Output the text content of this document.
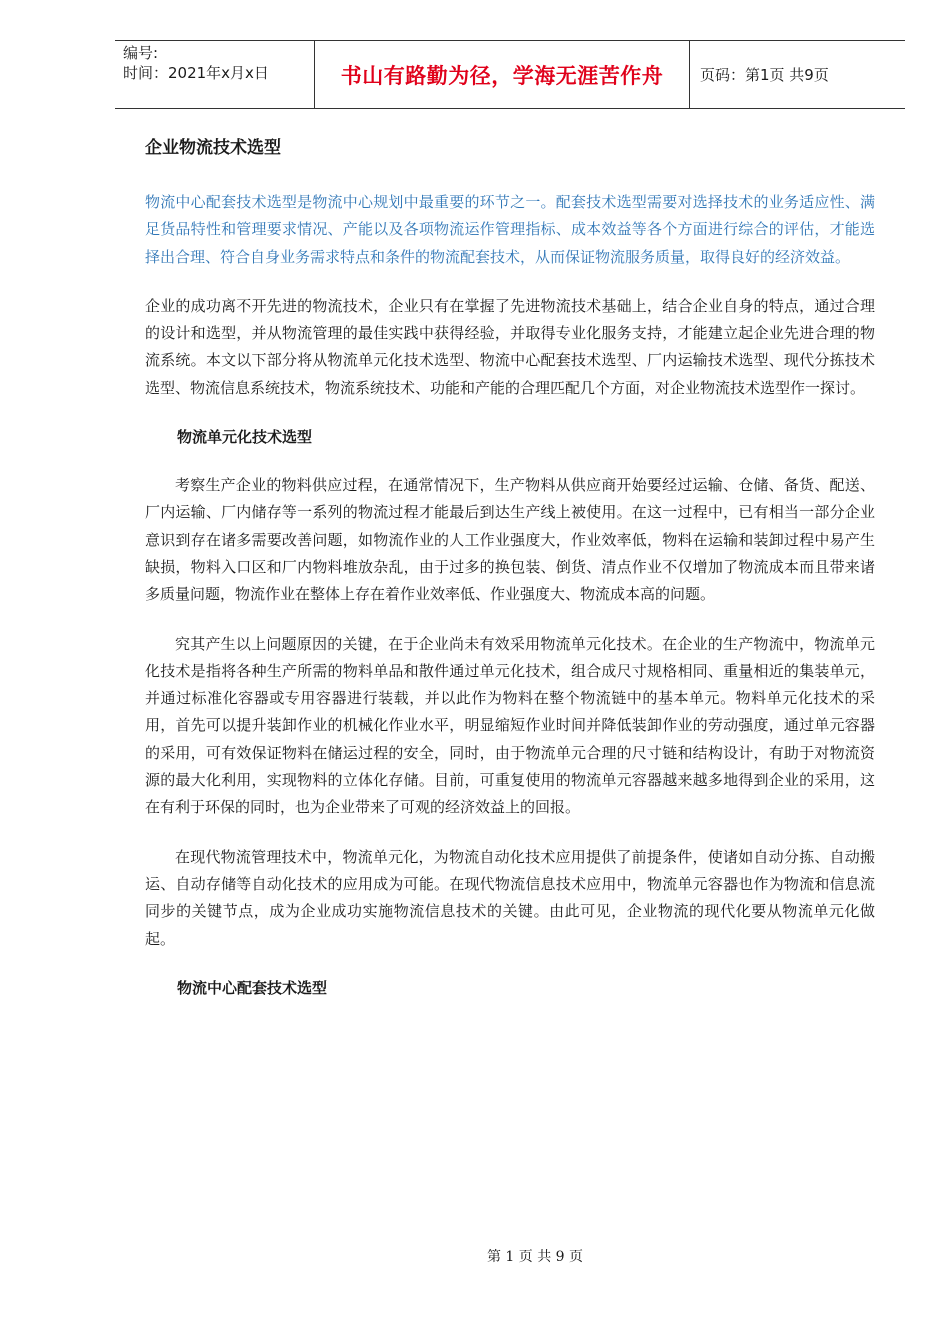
编号:
时间：2021年x月x日	书山有路勤为径，学海无涯苦作舟 页码：第1页 共9页
企业物流技术选型

物流中心配套技术选型是物流中心规划中最重要的环节之一。配套技术选型需要对选择技术的业务适应性、满足货品特性和管理要求情况、产能以及各项物流运作管理指标、成本效益等各个方面进行综合的评估，才能选择出合理、符合自身业务需求特点和条件的物流配套技术，从而保证物流服务质量，取得良好的经济效益。

企业的成功离不开先进的物流技术，企业只有在掌握了先进物流技术基础上，结合企业自身的特点，通过合理的设计和选型，并从物流管理的最佳实践中获得经验，并取得专业化服务支持，才能建立起企业先进合理的物流系统。本文以下部分将从物流单元化技术选型、物流中心配套技术选型、厂内运输技术选型、现代分拣技术选型、物流信息系统技术，物流系统技术、功能和产能的合理匹配几个方面，对企业物流技术选型作一探讨。

物流单元化技术选型

考察生产企业的物料供应过程，在通常情况下，生产物料从供应商开始要经过运输、仓储、备货、配送、厂内运输、厂内储存等一系列的物流过程才能最后到达生产线上被使用。在这一过程中，已有相当一部分企业意识到存在诸多需要改善问题，如物流作业的人工作业强度大，作业效率低，物料在运输和装卸过程中易产生缺损，物料入口区和厂内物料堆放杂乱，由于过多的换包装、倒货、清点作业不仅增加了物流成本而且带来诸多质量问题，物流作业在整体上存在着作业效率低、作业强度大、物流成本高的问题。

究其产生以上问题原因的关键，在于企业尚未有效采用物流单元化技术。在企业的生产物流中，物流单元化技术是指将各种生产所需的物料单品和散件通过单元化技术，组合成尺寸规格相同、重量相近的集装单元，并通过标准化容器或专用容器进行装载，并以此作为物料在整个物流链中的基本单元。物料单元化技术的采用，首先可以提升装卸作业的机械化作业水平，明显缩短作业时间并降低装卸作业的劳动强度，通过单元容器的采用，可有效保证物料在储运过程的安全，同时，由于物流单元合理的尺寸链和结构设计，有助于对物流资源的最大化利用，实现物料的立体化存储。目前，可重复使用的物流单元容器越来越多地得到企业的采用，这在有利于环保的同时，也为企业带来了可观的经济效益上的回报。

在现代物流管理技术中，物流单元化，为物流自动化技术应用提供了前提条件，使诸如自动分拣、自动搬运、自动存储等自动化技术的应用成为可能。在现代物流信息技术应用中，物流单元容器也作为物流和信息流同步的关键节点，成为企业成功实施物流信息技术的关键。由此可见，企业物流的现代化要从物流单元化做起。

物流中心配套技术选型
第 1 页 共 9 页
